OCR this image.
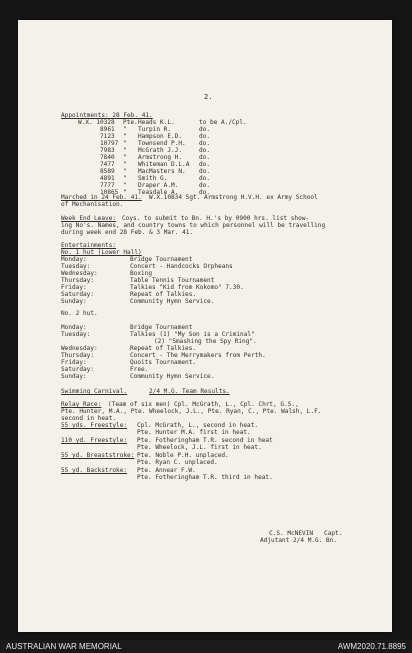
2.
Appointments: 28 Feb. 41.
W.X. 10328 Pte. Heads K.L.	to be A./Cpl.
8961 " Turpin R.	do.
7123 " Hampson E.D.	do.
10797 " Townsend P.H. do.
7983 " McGrath J.J.	do.
7840 " Armstrong H.	do.
7477 " Whiteman D.L.A do.
8589 " MacMasters N. do.
4891 " Smith G.	do.
7777 " Draper A.M.	do.
10865 " Teasdale A.	do.
Marched in 24 Feb. 41. W.X.10834 Sgt. Armstrong H.V.H. ex Army School
of Mechanisation.
Week End Leave: Coys. to submit to Bn. H.'s by 0900 hrs. list show-
ing No's. Names, and country towns to which personnel will be travelling
during week end 28 Feb. & 3 Mar. 41.
Entertainments:
No. 1 hut (Lower Hall)
Monday:	Bridge Tournament
Tuesday:	Concert - Handcocks Orpheans
Wednesday:	Boxing
Thursday:	Table Tennis Tournament
Friday:	Talkies "Kid from Kokomo" 7.30.
Saturday:	Repeat of Talkies.
Sunday:	Community Hymn Service.
No. 2 hut.
Monday:	Bridge Tournament
Tuesday:	Talkies (1) "My Son is a Criminal"
(2) "Smashing the Spy Ring".
Wednesday:	Repeat of Talkies.
Thursday:	Concert - The Merrymakers from Perth.
Friday:	Quoits Tournament.
Saturday:	Free.
Sunday:	Community Hymn Service.
Swimming Carnival.	2/4 M.G. Team Results.
Relay Race: (Team of six men) Cpl. McGrath, L., Cpl. Chrt, G.S.,
Pte. Hunter, M.A., Pte. Wheelock, J.L., Pte. Ryan, C., Pte. Walsh, L.F.
second in heat.
55 yds. Freestyle: Cpl. McGrath, L., second in heat.
Pte. Hunter M.A. first in heat.
110 yd. Freestyle: Pte. Fotheringham T.R. second in heat
Pte. Wheelock, J.L. first in heat.
55 yd. Breaststroke: Pte. Noble P.H. unplaced.
Pte. Ryan C. unplaced.
55 yd. Backstroke: Pte. Annear F.W.
Pte. Fotheringham T.R. third in heat.
C.S. McNEVIN   Capt.
Adjutant 2/4 M.G. Bn.
AUSTRALIAN WAR MEMORIAL	AWM2020.71.8895
